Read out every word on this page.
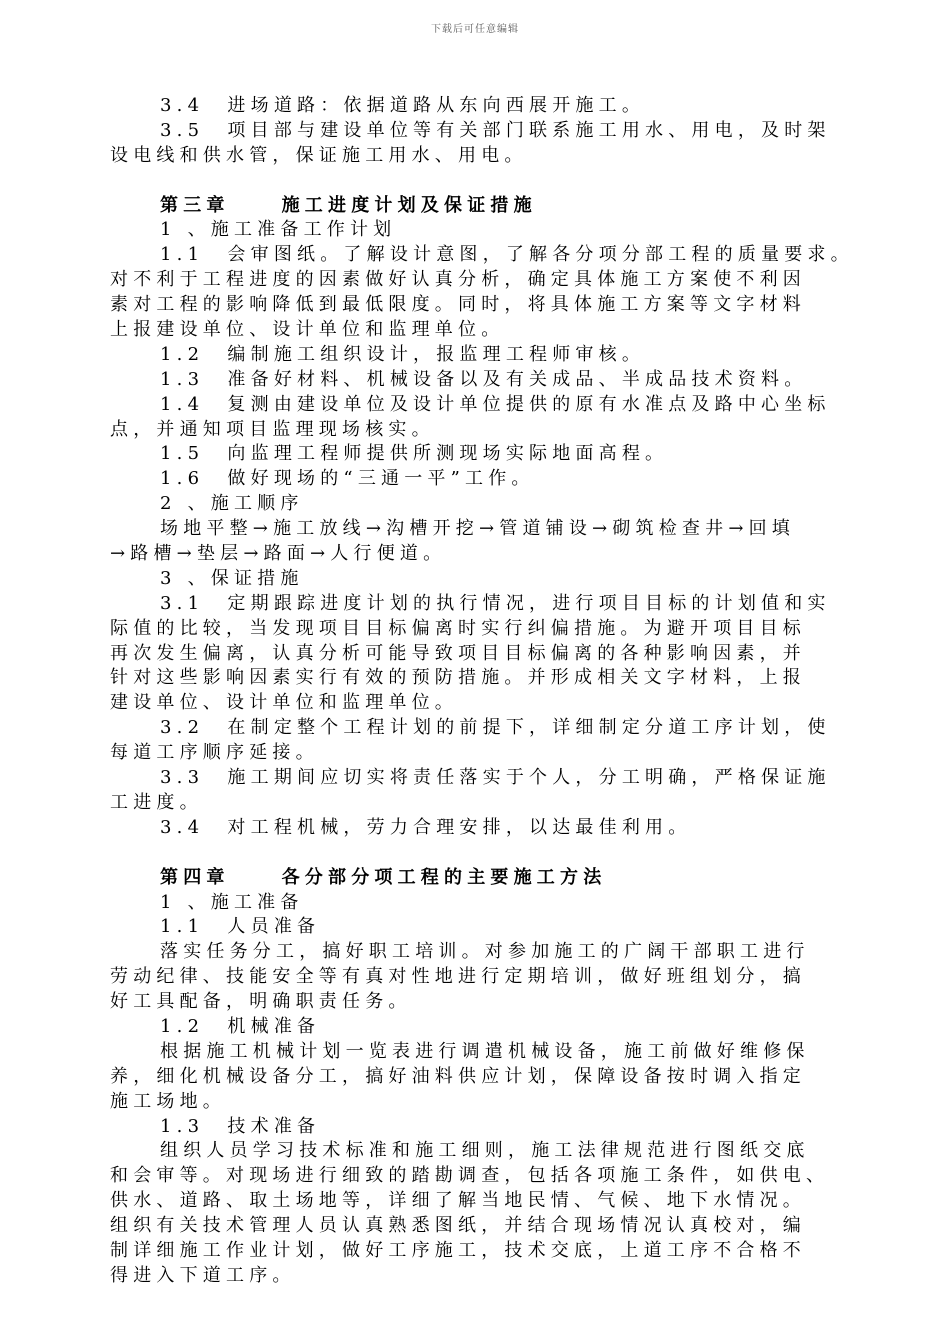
下载后可任意编辑
3.4　进场道路：依据道路从东向西展开施工。
3.5　项目部与建设单位等有关部门联系施工用水、用电，及时架
设电线和供水管，保证施工用水、用电。
第三章	施工进度计划及保证措施
1 、施工准备工作计划
1.1　会审图纸。了解设计意图，了解各分项分部工程的质量要求。
对不利于工程进度的因素做好认真分析，确定具体施工方案使不利因
素对工程的影响降低到最低限度。同时，将具体施工方案等文字材料
上报建设单位、设计单位和监理单位。
1.2　编制施工组织设计，报监理工程师审核。
1.3　准备好材料、机械设备以及有关成品、半成品技术资料。
1.4　复测由建设单位及设计单位提供的原有水准点及路中心坐标
点，并通知项目监理现场核实。
1.5　向监理工程师提供所测现场实际地面高程。
1.6　做好现场的“三通一平”工作。
2 、施工顺序
场地平整→施工放线→沟槽开挖→管道铺设→砌筑检查井→回填
→路槽→垫层→路面→人行便道。
3 、保证措施
3.1　定期跟踪进度计划的执行情况，进行项目目标的计划值和实
际值的比较，当发现项目目标偏离时实行纠偏措施。为避开项目目标
再次发生偏离，认真分析可能导致项目目标偏离的各种影响因素，并
针对这些影响因素实行有效的预防措施。并形成相关文字材料，上报
建设单位、设计单位和监理单位。
3.2　在制定整个工程计划的前提下，详细制定分道工序计划，使
每道工序顺序延接。
3.3　施工期间应切实将责任落实于个人，分工明确，严格保证施
工进度。
3.4　对工程机械，劳力合理安排，以达最佳利用。
第四章	各分部分项工程的主要施工方法
1 、施工准备
1.1　人员准备
落实任务分工，搞好职工培训。对参加施工的广阔干部职工进行
劳动纪律、技能安全等有真对性地进行定期培训，做好班组划分，搞
好工具配备，明确职责任务。
1.2　机械准备
根据施工机械计划一览表进行调遣机械设备，施工前做好维修保
养，细化机械设备分工，搞好油料供应计划，保障设备按时调入指定
施工场地。
1.3　技术准备
组织人员学习技术标准和施工细则，施工法律规范进行图纸交底
和会审等。对现场进行细致的踏勘调查，包括各项施工条件，如供电、
供水、道路、取土场地等，详细了解当地民情、气候、地下水情况。
组织有关技术管理人员认真熟悉图纸，并结合现场情况认真校对，编
制详细施工作业计划，做好工序施工，技术交底，上道工序不合格不
得进入下道工序。
